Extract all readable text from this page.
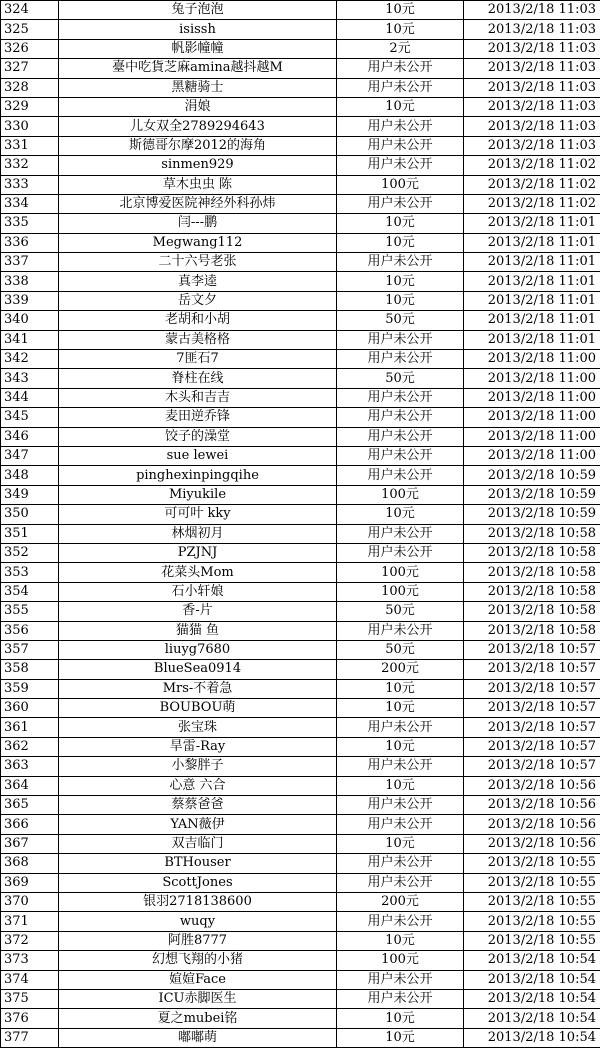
324	兔子泡泡	10元	2013/2/18 11:03
325	isissh	10元	2013/2/18 11:03
326	帆影幢幢	2元	2013/2/18 11:03
327	臺中吃貨芝麻amina越抖越M	用户未公开	2013/2/18 11:03
328	黑糖骑士	用户未公开	2013/2/18 11:03
329	涓娘	10元	2013/2/18 11:03
330	儿女双全2789294643	用户未公开	2013/2/18 11:03
331	斯德哥尔摩2012的海角	用户未公开	2013/2/18 11:03
332	sinmen929	用户未公开	2013/2/18 11:02
333	草木虫虫 陈	100元	2013/2/18 11:02
334	北京博爱医院神经外科孙炜	用户未公开	2013/2/18 11:02
335	闫---鹏	10元	2013/2/18 11:01
336	Megwang112	10元	2013/2/18 11:01
337	二十六号老张	用户未公开	2013/2/18 11:01
338	真李逵	10元	2013/2/18 11:01
339	岳文夕	10元	2013/2/18 11:01
340	老胡和小胡	50元	2013/2/18 11:01
341	蒙古美格格	用户未公开	2013/2/18 11:01
342	7匪石7	用户未公开	2013/2/18 11:00
343	脊柱在线	50元	2013/2/18 11:00
344	木头和吉吉	用户未公开	2013/2/18 11:00
345	麦田逆乔锋	用户未公开	2013/2/18 11:00
346	饺子的澡堂	用户未公开	2013/2/18 11:00
347	sue lewei	用户未公开	2013/2/18 11:00
348	pinghexinpingqihe	用户未公开	2013/2/18 10:59
349	Miyukile	100元	2013/2/18 10:59
350	可可叶 kky	10元	2013/2/18 10:59
351	林烟初月	用户未公开	2013/2/18 10:58
352	PZJNJ	用户未公开	2013/2/18 10:58
353	花菜头Mom	100元	2013/2/18 10:58
354	石小轩娘	100元	2013/2/18 10:58
355	香-片	50元	2013/2/18 10:58
356	猫猫 鱼	用户未公开	2013/2/18 10:58
357	liuyg7680	50元	2013/2/18 10:57
358	BlueSea0914	200元	2013/2/18 10:57
359	Mrs-不着急	10元	2013/2/18 10:57
360	BOUBOU萌	10元	2013/2/18 10:57
361	张宝珠	用户未公开	2013/2/18 10:57
362	旱雷-Ray	10元	2013/2/18 10:57
363	小黎胖子	用户未公开	2013/2/18 10:57
364	心意 六合	10元	2013/2/18 10:56
365	蔡蔡爸爸	用户未公开	2013/2/18 10:56
366	YAN薇伊	用户未公开	2013/2/18 10:56
367	双吉临门	10元	2013/2/18 10:56
368	BTHouser	用户未公开	2013/2/18 10:55
369	ScottJones	用户未公开	2013/2/18 10:55
370	银羽2718138600	200元	2013/2/18 10:55
371	wuqy	用户未公开	2013/2/18 10:55
372	阿胜8777	10元	2013/2/18 10:55
373	幻想飞翔的小猪	100元	2013/2/18 10:54
374	媗媗Face	用户未公开	2013/2/18 10:54
375	ICU赤脚医生	用户未公开	2013/2/18 10:54
376	夏之mubei铭	10元	2013/2/18 10:54
377	嘟嘟萌	10元	2013/2/18 10:54
